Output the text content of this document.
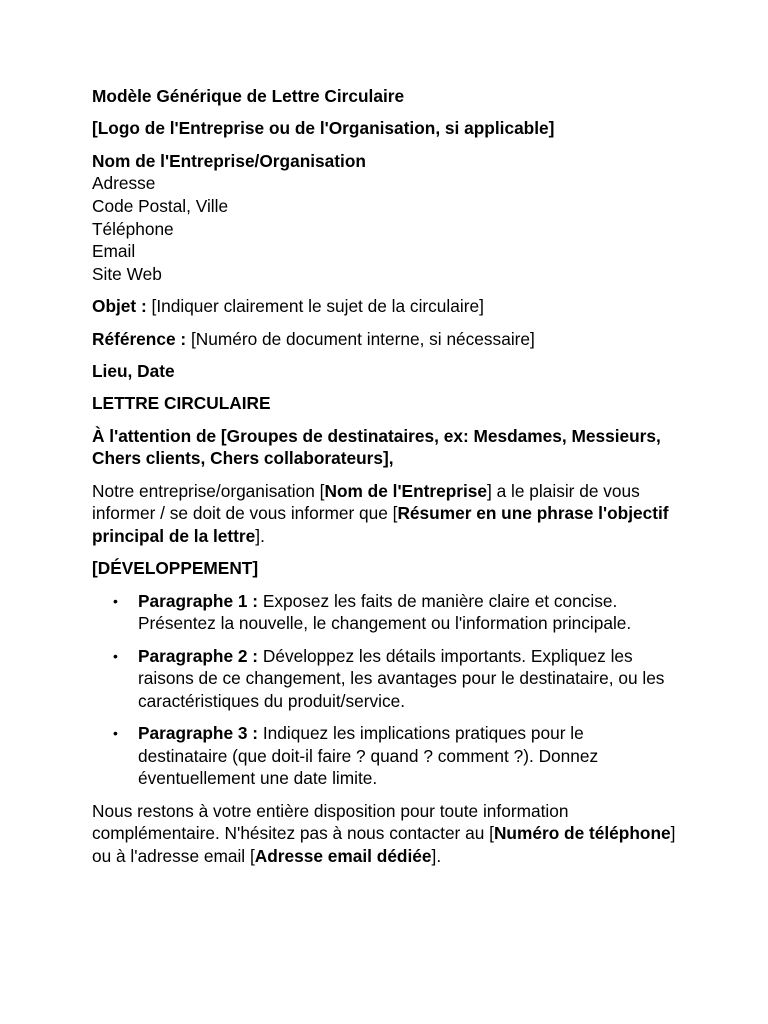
Modèle Générique de Lettre Circulaire

[Logo de l'Entreprise ou de l'Organisation, si applicable]

Nom de l'Entreprise/Organisation
Adresse
Code Postal, Ville
Téléphone
Email
Site Web

Objet : [Indiquer clairement le sujet de la circulaire]

Référence : [Numéro de document interne, si nécessaire]

Lieu, Date

LETTRE CIRCULAIRE

À l'attention de [Groupes de destinataires, ex: Mesdames, Messieurs, Chers clients, Chers collaborateurs],

Notre entreprise/organisation [Nom de l'Entreprise] a le plaisir de vous informer / se doit de vous informer que [Résumer en une phrase l'objectif principal de la lettre].

[DÉVELOPPEMENT]

• Paragraphe 1 : Exposez les faits de manière claire et concise. Présentez la nouvelle, le changement ou l'information principale.
• Paragraphe 2 : Développez les détails importants. Expliquez les raisons de ce changement, les avantages pour le destinataire, ou les caractéristiques du produit/service.
• Paragraphe 3 : Indiquez les implications pratiques pour le destinataire (que doit-il faire ? quand ? comment ?). Donnez éventuellement une date limite.

Nous restons à votre entière disposition pour toute information complémentaire. N'hésitez pas à nous contacter au [Numéro de téléphone] ou à l'adresse email [Adresse email dédiée].
